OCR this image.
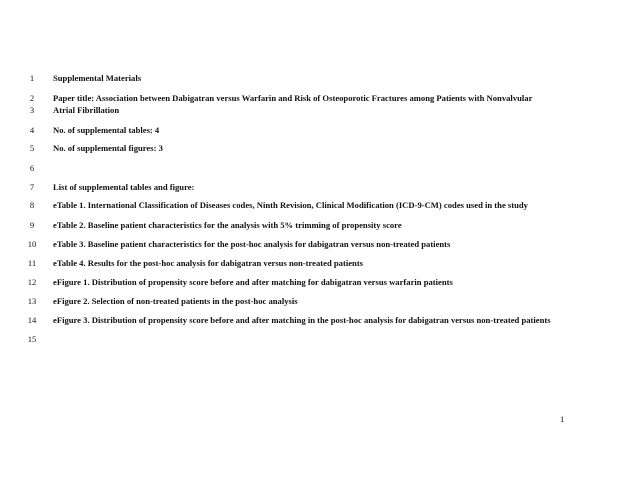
1	Supplemental Materials
2	Paper title: Association between Dabigatran versus Warfarin and Risk of Osteoporotic Fractures among Patients with Nonvalvular
3	Atrial Fibrillation
4	No. of supplemental tables: 4
5	No. of supplemental figures: 3
6
7	List of supplemental tables and figure:
8	eTable 1. International Classification of Diseases codes, Ninth Revision, Clinical Modification (ICD-9-CM) codes used in the study
9	eTable 2. Baseline patient characteristics for the analysis with 5% trimming of propensity score
10	eTable 3. Baseline patient characteristics for the post-hoc analysis for dabigatran versus non-treated patients
11	eTable 4. Results for the post-hoc analysis for dabigatran versus non-treated patients
12	eFigure 1. Distribution of propensity score before and after matching for dabigatran versus warfarin patients
13	eFigure 2. Selection of non-treated patients in the post-hoc analysis
14	eFigure 3. Distribution of propensity score before and after matching in the post-hoc analysis for dabigatran versus non-treated patients
15
1
